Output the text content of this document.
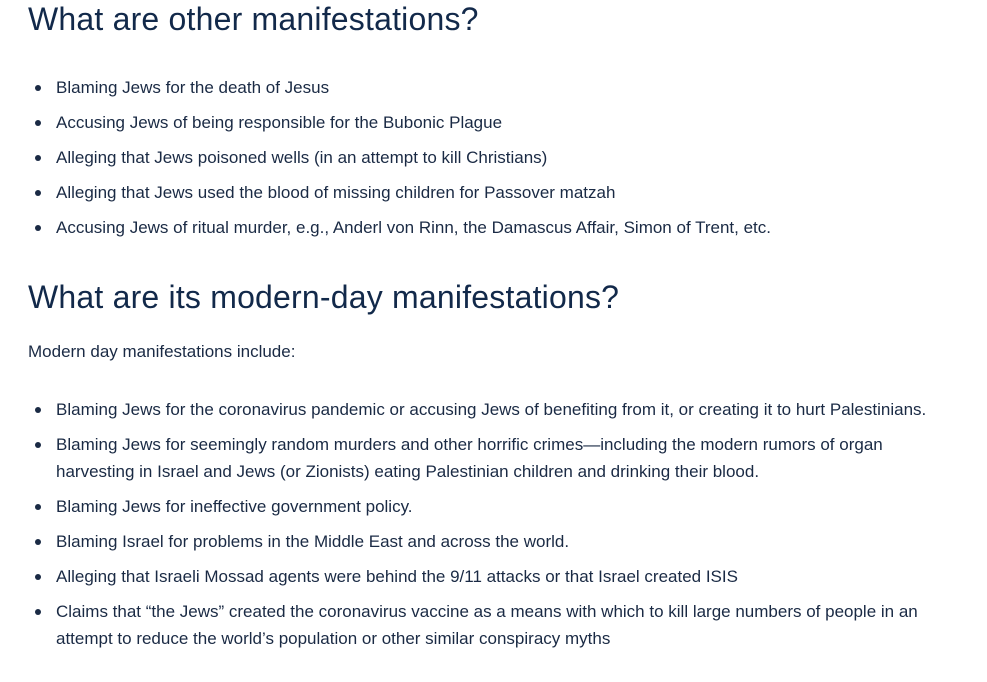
What are other manifestations?
Blaming Jews for the death of Jesus
Accusing Jews of being responsible for the Bubonic Plague
Alleging that Jews poisoned wells (in an attempt to kill Christians)
Alleging that Jews used the blood of missing children for Passover matzah
Accusing Jews of ritual murder, e.g., Anderl von Rinn, the Damascus Affair, Simon of Trent, etc.
What are its modern-day manifestations?

Modern day manifestations include:

Blaming Jews for the coronavirus pandemic or accusing Jews of benefiting from it, or creating it to hurt Palestinians.
Blaming Jews for seemingly random murders and other horrific crimes—including the modern rumors of organ harvesting in Israel and Jews (or Zionists) eating Palestinian children and drinking their blood.
Blaming Jews for ineffective government policy.
Blaming Israel for problems in the Middle East and across the world.
Alleging that Israeli Mossad agents were behind the 9/11 attacks or that Israel created ISIS
Claims that “the Jews” created the coronavirus vaccine as a means with which to kill large numbers of people in an attempt to reduce the world’s population or other similar conspiracy myths
